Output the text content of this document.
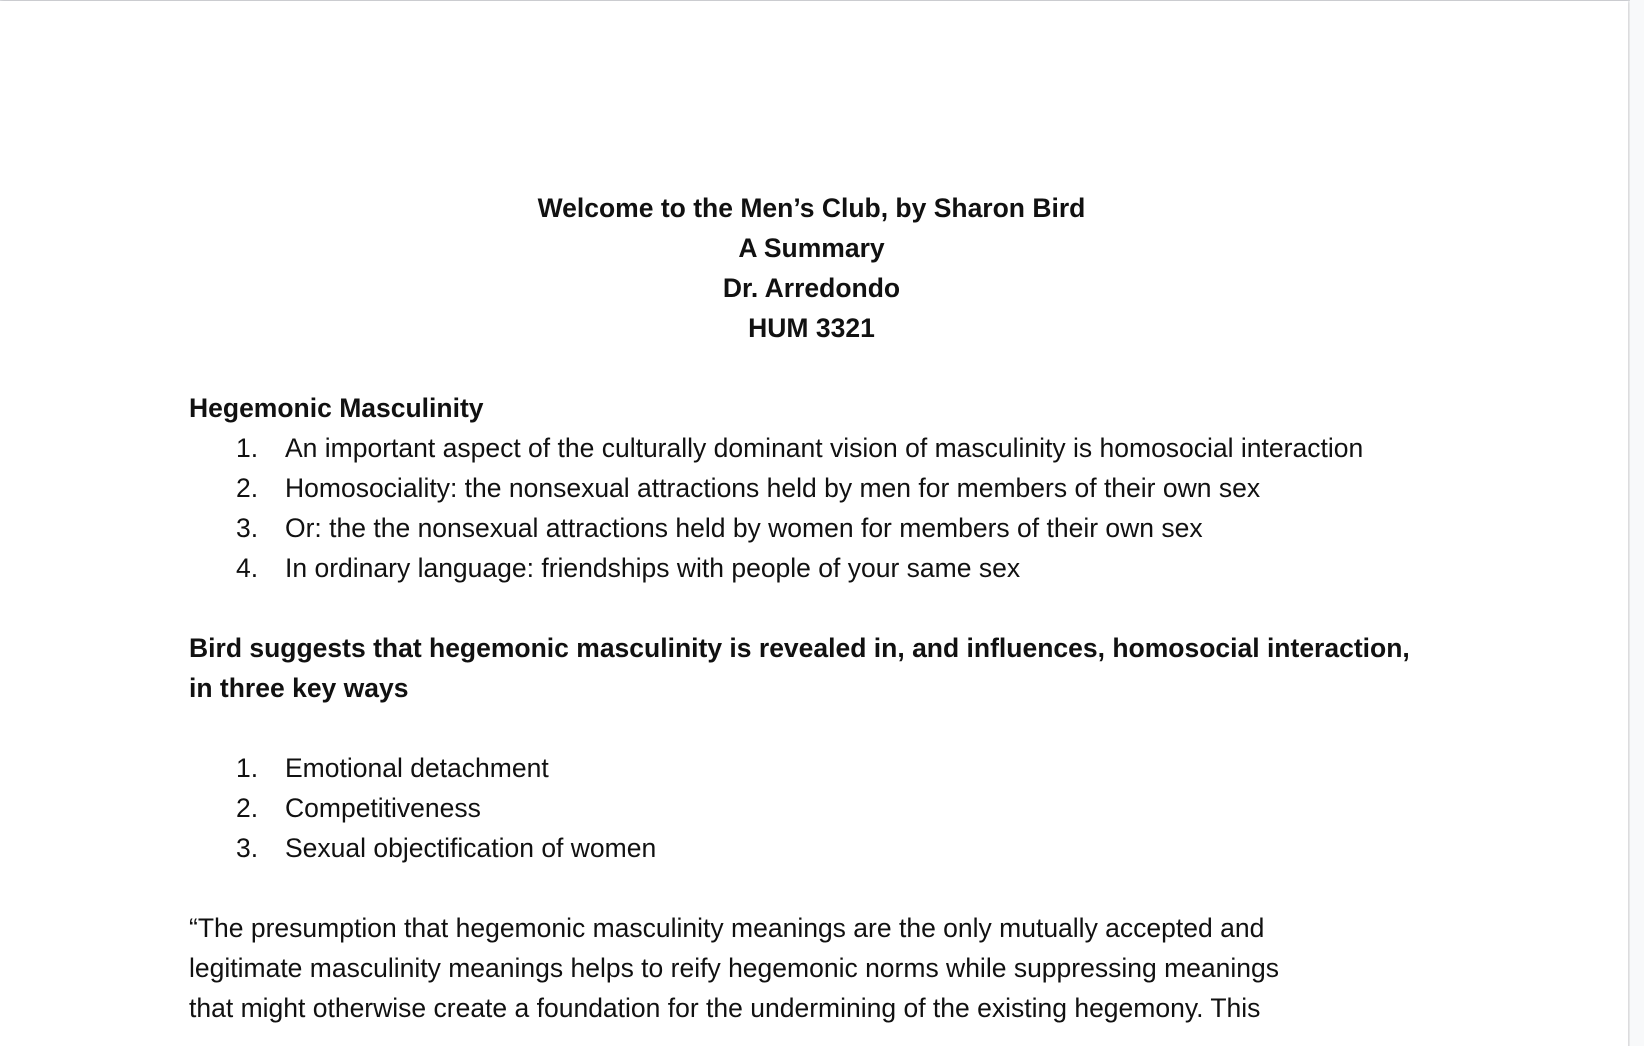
Welcome to the Men’s Club, by Sharon Bird
A Summary
Dr. Arredondo
HUM 3321
Hegemonic Masculinity
1. An important aspect of the culturally dominant vision of masculinity is homosocial interaction
2. Homosociality: the nonsexual attractions held by men for members of their own sex
3. Or: the the nonsexual attractions held by women for members of their own sex
4. In ordinary language: friendships with people of your same sex
Bird suggests that hegemonic masculinity is revealed in, and influences, homosocial interaction, in three key ways
1. Emotional detachment
2. Competitiveness
3. Sexual objectification of women
“The presumption that hegemonic masculinity meanings are the only mutually accepted and
legitimate masculinity meanings helps to reify hegemonic norms while suppressing meanings
that might otherwise create a foundation for the undermining of the existing hegemony. This
